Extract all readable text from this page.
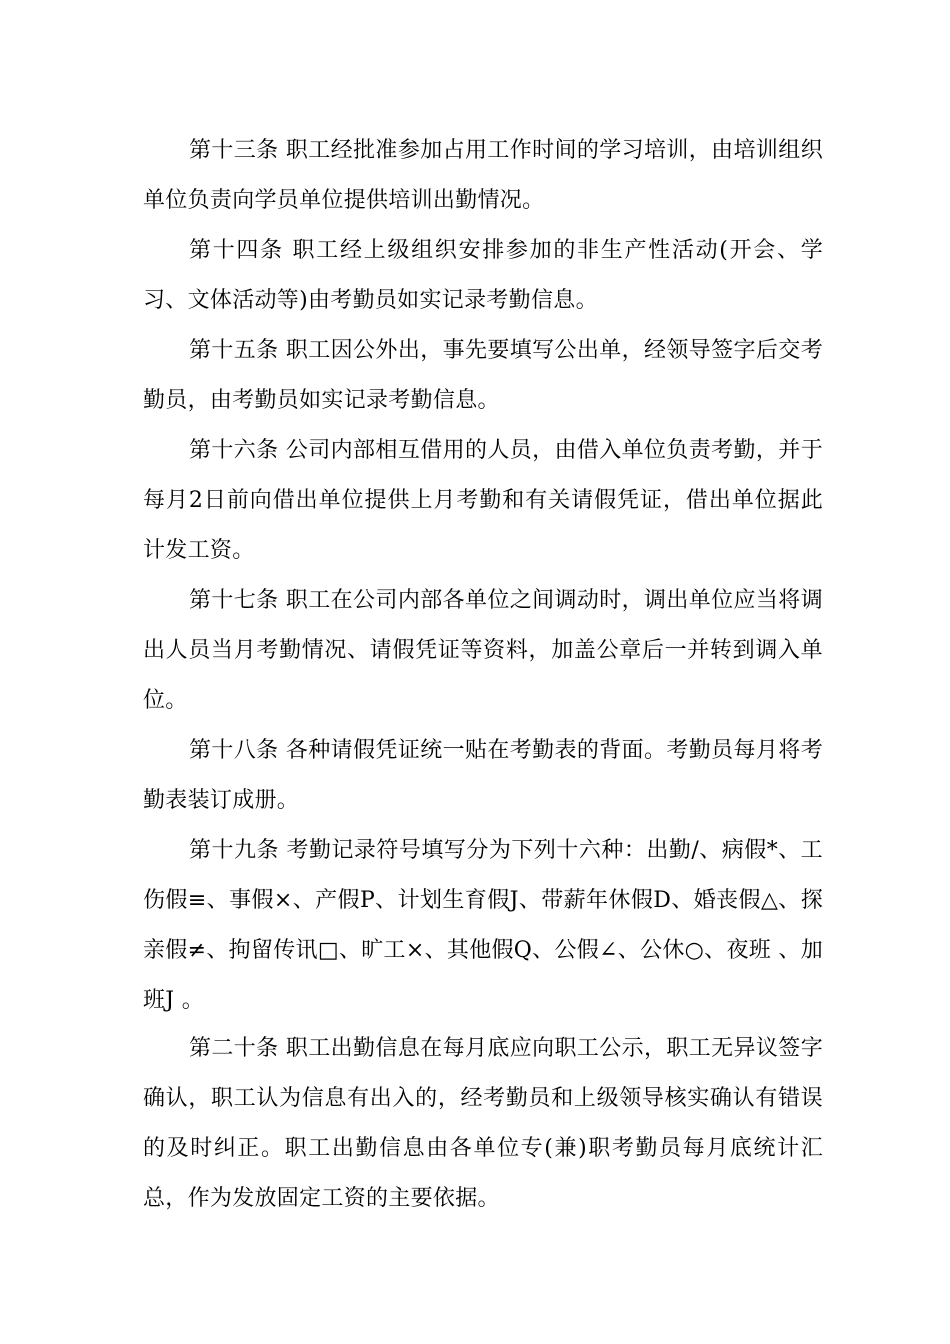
第十三条 职工经批准参加占用工作时间的学习培训，由培训组织单位负责向学员单位提供培训出勤情况。

第十四条 职工经上级组织安排参加的非生产性活动(开会、学习、文体活动等)由考勤员如实记录考勤信息。

第十五条 职工因公外出，事先要填写公出单，经领导签字后交考勤员，由考勤员如实记录考勤信息。

第十六条 公司内部相互借用的人员，由借入单位负责考勤，并于每月2日前向借出单位提供上月考勤和有关请假凭证，借出单位据此计发工资。

第十七条 职工在公司内部各单位之间调动时，调出单位应当将调出人员当月考勤情况、请假凭证等资料，加盖公章后一并转到调入单位。

第十八条 各种请假凭证统一贴在考勤表的背面。考勤员每月将考勤表装订成册。

第十九条 考勤记录符号填写分为下列十六种：出勤/、病假*、工伤假≡、事假×、产假P、计划生育假J、带薪年休假D、婚丧假△、探亲假≠、拘留传讯□、旷工×、其他假Q、公假∠、公休○、夜班 、加班J 。

第二十条 职工出勤信息在每月底应向职工公示，职工无异议签字确认，职工认为信息有出入的，经考勤员和上级领导核实确认有错误的及时纠正。职工出勤信息由各单位专(兼)职考勤员每月底统计汇总，作为发放固定工资的主要依据。
